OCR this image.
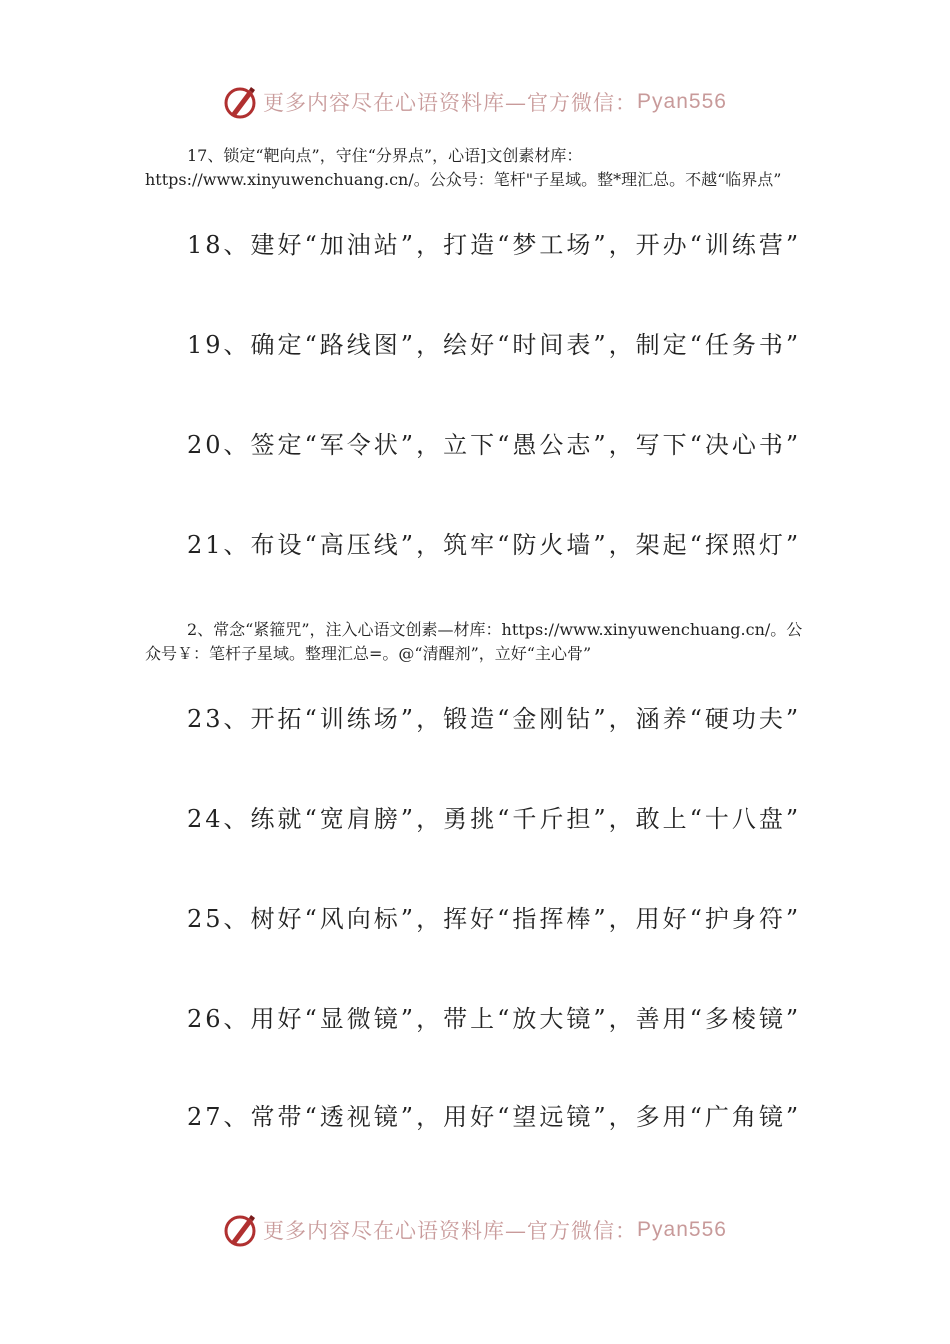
更多内容尽在心语资料库—官方微信： Pyan556
17、锁定“靶向点”，守住“分界点”，心语]文创素材库：https://www.xinyuwenchuang.cn/。公众号：笔杆"子星域。整*理汇总。不越“临界点”
18、建好“加油站”，打造“梦工场”，开办“训练营”
19、确定“路线图”，绘好“时间表”，制定“任务书”
20、签定“军令状”，立下“愚公志”，写下“决心书”
21、布设“高压线”，筑牢“防火墙”，架起“探照灯”
2、常念“紧箍咒”，注入心语文创素—材库：https://www.xinyuwenchuang.cn/。公众号￥：笔杆子星域。整理汇总=。@“清醒剂”，立好“主心骨”
23、开拓“训练场”，锻造“金刚钻”，涵养“硬功夫”
24、练就“宽肩膀”，勇挑“千斤担”，敢上“十八盘”
25、树好“风向标”，挥好“指挥棒”，用好“护身符”
26、用好“显微镜”，带上“放大镜”，善用“多棱镜”
27、常带“透视镜”，用好“望远镜”，多用“广角镜”
更多内容尽在心语资料库—官方微信： Pyan556
